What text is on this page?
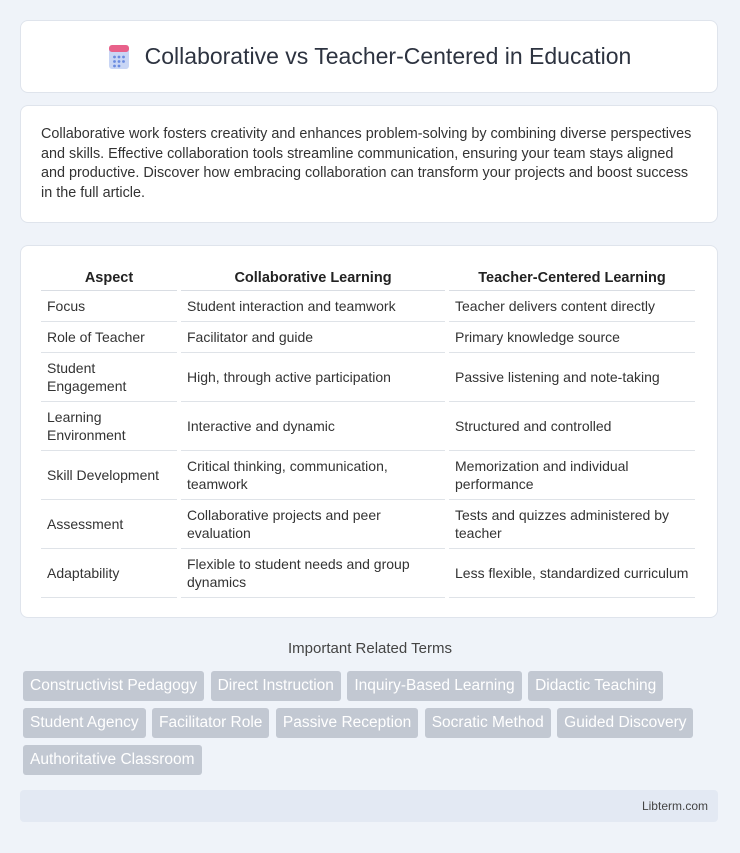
Collaborative vs Teacher-Centered in Education

Collaborative work fosters creativity and enhances problem-solving by combining diverse perspectives and skills. Effective collaboration tools streamline communication, ensuring your team stays aligned and productive. Discover how embracing collaboration can transform your projects and boost success in the full article.

Aspect	Collaborative Learning	Teacher-Centered Learning
Focus	Student interaction and teamwork	Teacher delivers content directly
Role of Teacher	Facilitator and guide	Primary knowledge source
Student Engagement	High, through active participation	Passive listening and note-taking
Learning Environment	Interactive and dynamic	Structured and controlled
Skill Development	Critical thinking, communication, teamwork	Memorization and individual performance
Assessment	Collaborative projects and peer evaluation	Tests and quizzes administered by teacher
Adaptability	Flexible to student needs and group dynamics	Less flexible, standardized curriculum
Important Related Terms
Constructivist Pedagogy Direct Instruction Inquiry-Based Learning Didactic Teaching
Student Agency Facilitator Role Passive Reception Socratic Method Guided Discovery
Authoritative Classroom
Libterm.com
